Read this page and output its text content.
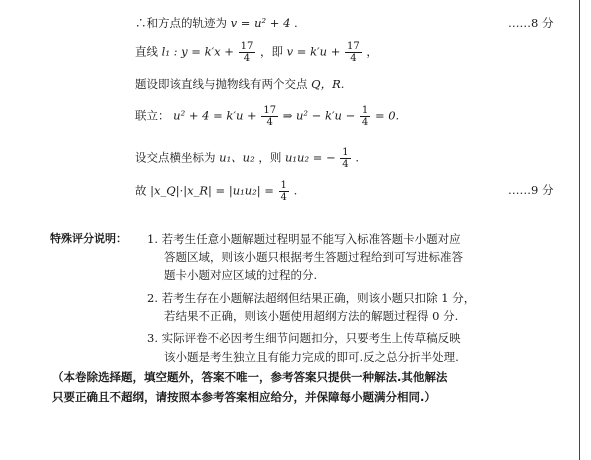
∴和方点的轨迹为 v = u² + 4 .	……8 分
直线 l₁ : $y = k'x + \frac{17}{4}$ ，即 $v = k'u + \frac{17}{4}$ ，
题设即该直线与抛物线有两个交点 Q，R.
联立： $u^2 + 4 = k'u + \frac{17}{4}$ ⇒ $u^2 - k'u - \frac{1}{4} = 0$.
设交点横坐标为 u₁、u₂ ，则 u₁u₂ = − $\frac{1}{4}$ .
故 |x_Q|·|x_R| = $|u_1u_2| = \frac{1}{4}$ .	……9 分
特殊评分说明： 1. 若考生任意小题解题过程明显不能写入标准答题卡小题对应
答题区域，则该小题只根据考生答题过程给到可写进标准答
题卡小题对应区域的过程的分.
2. 若考生存在小题解法超纲但结果正确，则该小题只扣除 1 分，
若结果不正确，则该小题使用超纲方法的解题过程得 0 分.
3. 实际评卷不必因考生细节问题扣分，只要考生上传草稿反映
该小题是考生独立且有能力完成的即可.反之总分折半处理.
（本卷除选择题，填空题外，答案不唯一，参考答案只提供一种解法.其他解法
只要正确且不超纲，请按照本参考答案相应给分，并保障每小题满分相同.）
